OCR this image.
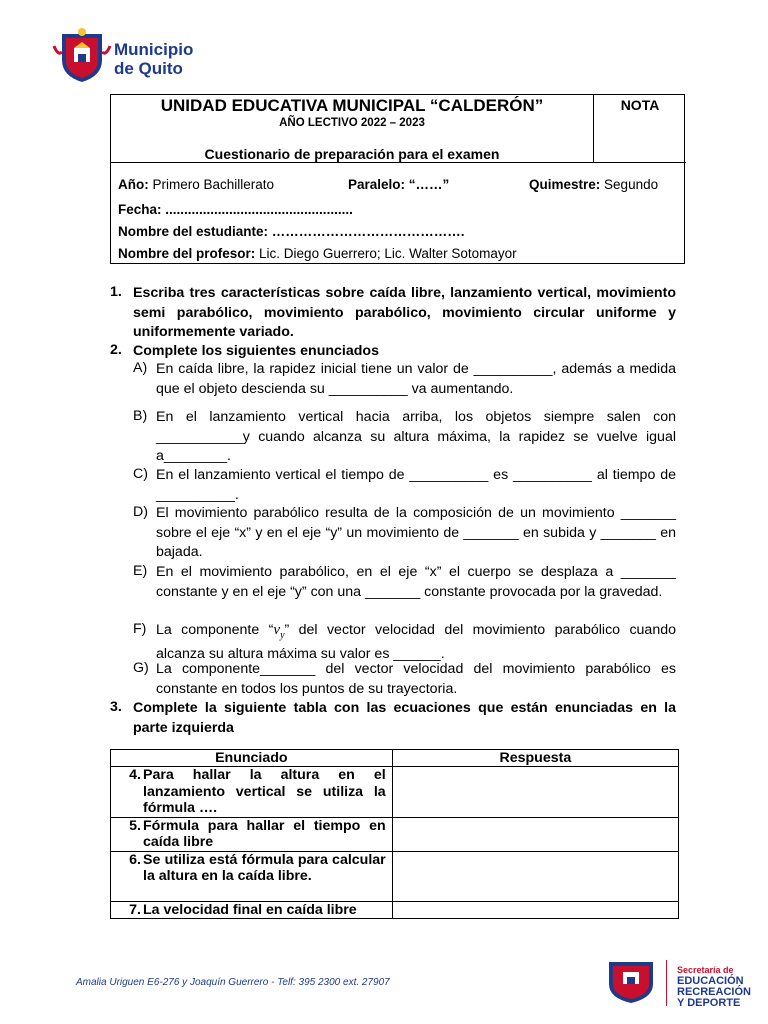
Municipio
de Quito
UNIDAD EDUCATIVA MUNICIPAL “CALDERÓN”
AÑO LECTIVO 2022 – 2023
Cuestionario de preparación para el examen
NOTA
Año: Primero Bachillerato	Paralelo: “……”	Quimestre: Segundo
Fecha: ..................................................
Nombre del estudiante: …………………………………….
Nombre del profesor: Lic. Diego Guerrero; Lic. Walter Sotomayor
1. Escriba tres características sobre caída libre, lanzamiento vertical, movimiento semi parabólico, movimiento parabólico, movimiento circular uniforme y uniformemente variado.
2. Complete los siguientes enunciados
A) En caída libre, la rapidez inicial tiene un valor de __________, además a medida que el objeto descienda su __________ va aumentando.
B) En el lanzamiento vertical hacia arriba, los objetos siempre salen con ___________y cuando alcanza su altura máxima, la rapidez se vuelve igual a________.
C) En el lanzamiento vertical el tiempo de __________ es __________ al tiempo de __________.
D) El movimiento parabólico resulta de la composición de un movimiento _______ sobre el eje “x” y en el eje “y” un movimiento de _______ en subida y _______ en bajada.
E) En el movimiento parabólico, en el eje “x” el cuerpo se desplaza a _______ constante y en el eje “y” con una _______ constante provocada por la gravedad.
F) La componente “$v_y$” del vector velocidad del movimiento parabólico cuando alcanza su altura máxima su valor es ______.
G) La componente_______ del vector velocidad del movimiento parabólico es constante en todos los puntos de su trayectoria.
3. Complete la siguiente tabla con las ecuaciones que están enunciadas en la parte izquierda
Enunciado	Respuesta

4. Para hallar la altura en el lanzamiento vertical se utiliza la fórmula ….	

5. Fórmula para hallar el tiempo en caída libre	

6. Se utiliza está fórmula para calcular la altura en la caída libre.	

7. La velocidad final en caída libre	

Amalia Uriguen E6-276 y Joaquín Guerrero - Telf: 395 2300 ext. 27907
Secretaría de
EDUCACIÓN
RECREACIÓN
Y DEPORTE
